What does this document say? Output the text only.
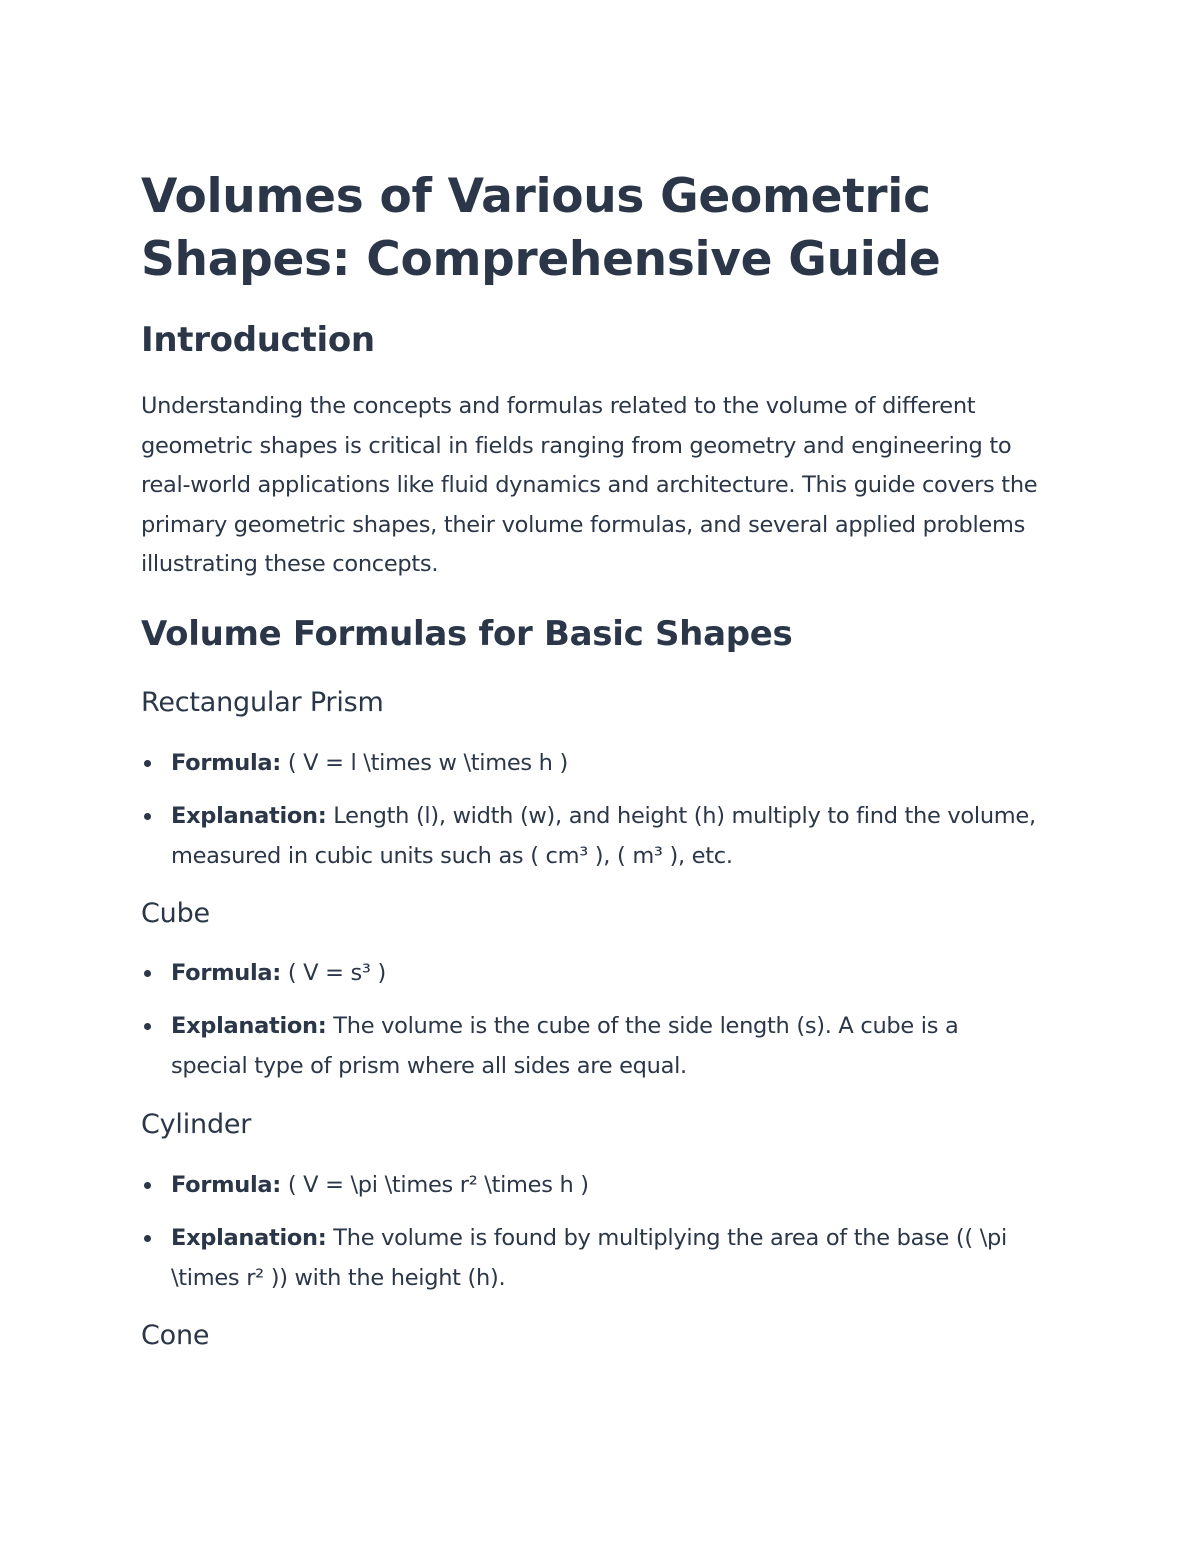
Volumes of Various Geometric Shapes: Comprehensive Guide
Introduction

Understanding the concepts and formulas related to the volume of different geometric shapes is critical in fields ranging from geometry and engineering to real-world applications like fluid dynamics and architecture. This guide covers the primary geometric shapes, their volume formulas, and several applied problems illustrating these concepts.

Volume Formulas for Basic Shapes
Rectangular Prism
Formula: ( V = l \times w \times h )
Explanation: Length (l), width (w), and height (h) multiply to find the volume, measured in cubic units such as ( cm³ ), ( m³ ), etc.
Cube
Formula: ( V = s³ )
Explanation: The volume is the cube of the side length (s). A cube is a special type of prism where all sides are equal.
Cylinder
Formula: ( V = \pi \times r² \times h )
Explanation: The volume is found by multiplying the area of the base (( \pi \times r² )) with the height (h).
Cone
